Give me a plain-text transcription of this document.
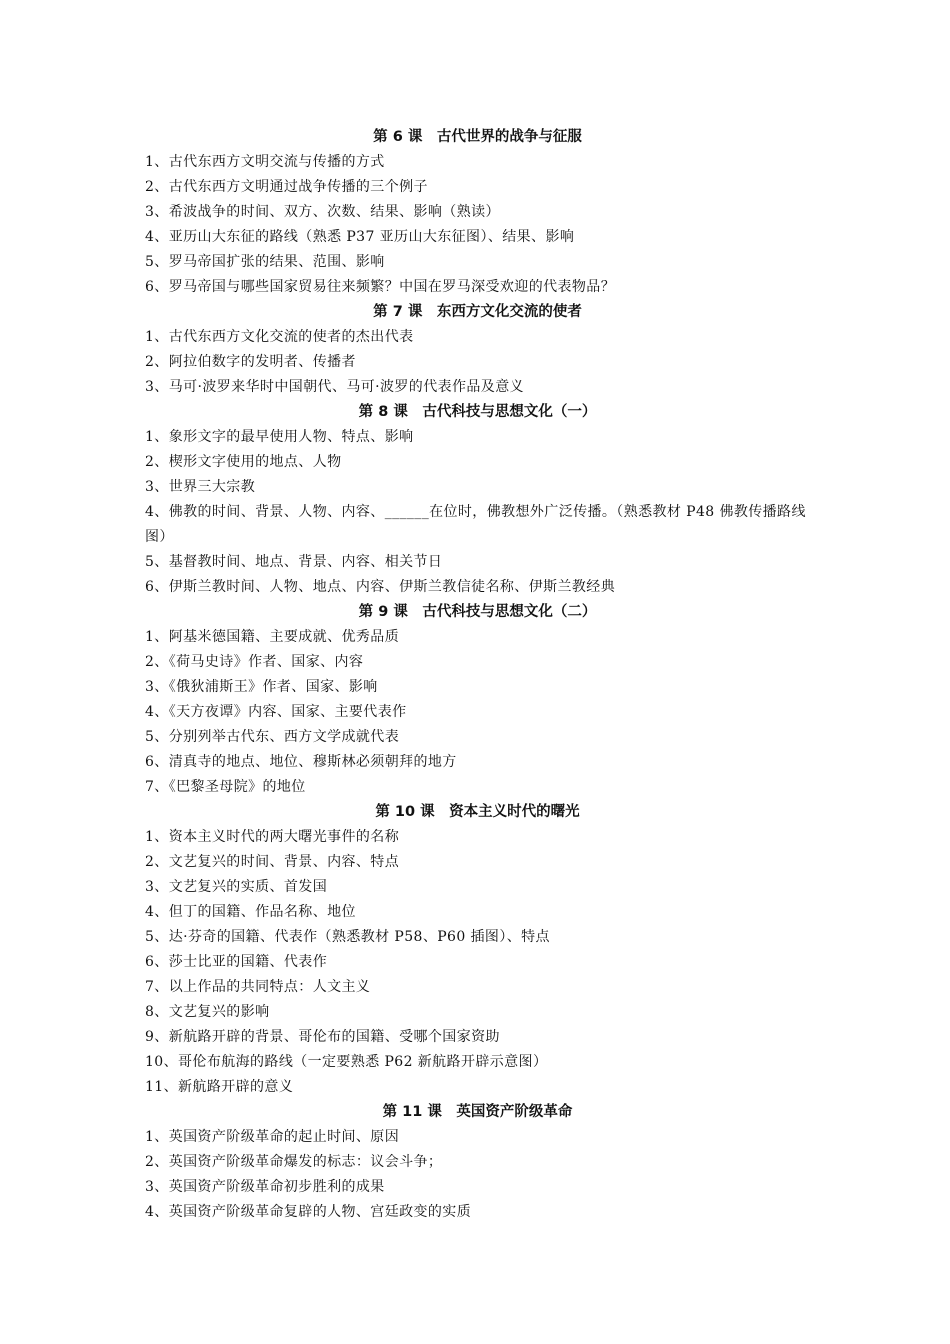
第 6 课　古代世界的战争与征服

1、古代东西方文明交流与传播的方式

2、古代东西方文明通过战争传播的三个例子

3、希波战争的时间、双方、次数、结果、影响（熟读）

4、亚历山大东征的路线（熟悉 P37 亚历山大东征图）、结果、影响

5、罗马帝国扩张的结果、范围、影响

6、罗马帝国与哪些国家贸易往来频繁？中国在罗马深受欢迎的代表物品？

第 7 课　东西方文化交流的使者

1、古代东西方文化交流的使者的杰出代表

2、阿拉伯数字的发明者、传播者

3、马可·波罗来华时中国朝代、马可·波罗的代表作品及意义

第 8 课　古代科技与思想文化（一）

1、象形文字的最早使用人物、特点、影响

2、楔形文字使用的地点、人物

3、世界三大宗教

4、佛教的时间、背景、人物、内容、______在位时，佛教想外广泛传播。（熟悉教材 P48 佛教传播路线图）

5、基督教时间、地点、背景、内容、相关节日

6、伊斯兰教时间、人物、地点、内容、伊斯兰教信徒名称、伊斯兰教经典

第 9 课　古代科技与思想文化（二）

1、阿基米德国籍、主要成就、优秀品质

2、《荷马史诗》作者、国家、内容

3、《俄狄浦斯王》作者、国家、影响

4、《天方夜谭》内容、国家、主要代表作

5、分别列举古代东、西方文学成就代表

6、清真寺的地点、地位、穆斯林必须朝拜的地方

7、《巴黎圣母院》的地位

第 10 课　资本主义时代的曙光

1、资本主义时代的两大曙光事件的名称

2、文艺复兴的时间、背景、内容、特点

3、文艺复兴的实质、首发国

4、但丁的国籍、作品名称、地位

5、达·芬奇的国籍、代表作（熟悉教材 P58、P60 插图）、特点

6、莎士比亚的国籍、代表作

7、以上作品的共同特点：人文主义

8、文艺复兴的影响

9、新航路开辟的背景、哥伦布的国籍、受哪个国家资助

10、哥伦布航海的路线（一定要熟悉 P62 新航路开辟示意图）

11、新航路开辟的意义

第 11 课　英国资产阶级革命

1、英国资产阶级革命的起止时间、原因

2、英国资产阶级革命爆发的标志：议会斗争；

3、英国资产阶级革命初步胜利的成果

4、英国资产阶级革命复辟的人物、宫廷政变的实质
